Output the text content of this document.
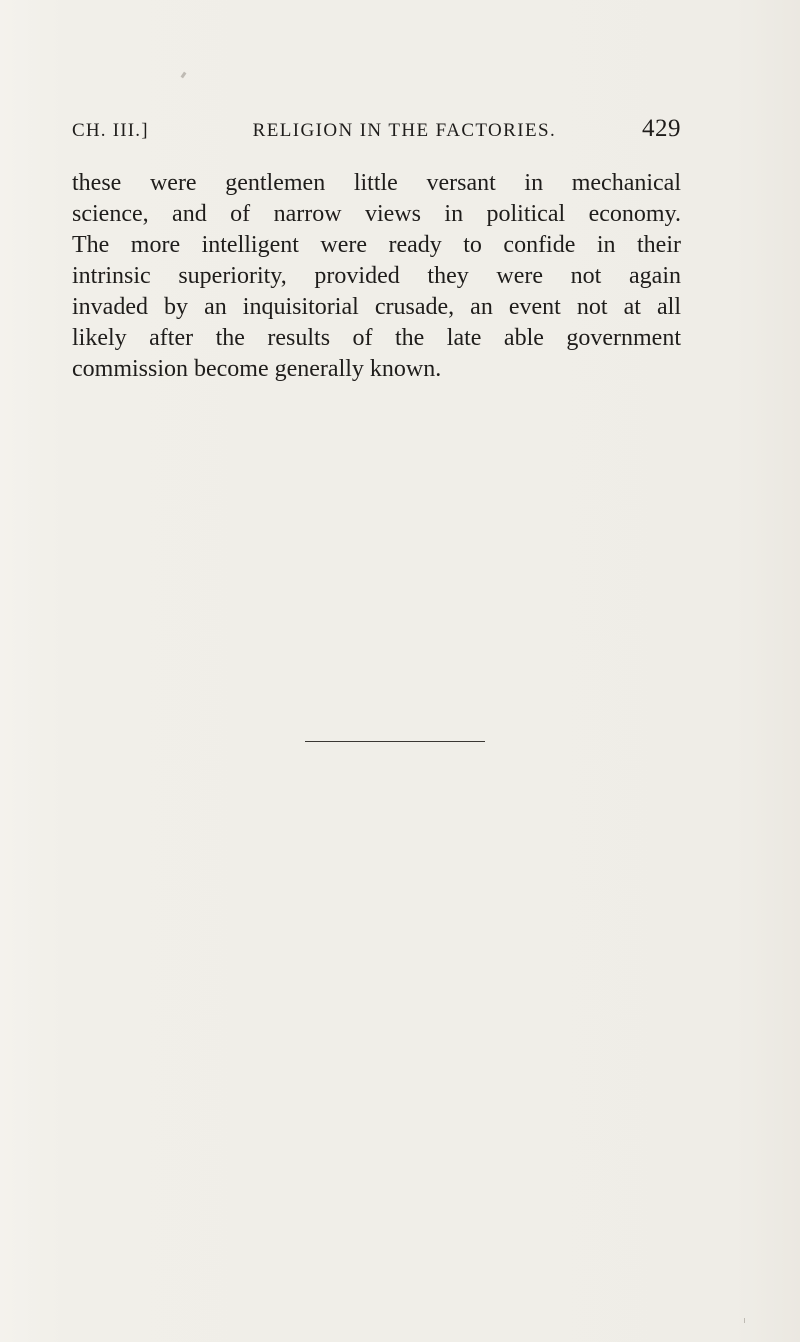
CH. III.]	RELIGION IN THE FACTORIES.	429
these were gentlemen little versant in mechanical
science, and of narrow views in political economy.
The more intelligent were ready to confide in their
intrinsic superiority, provided they were not again
invaded by an inquisitorial crusade, an event not at all
likely after the results of the late able government
commission become generally known.
